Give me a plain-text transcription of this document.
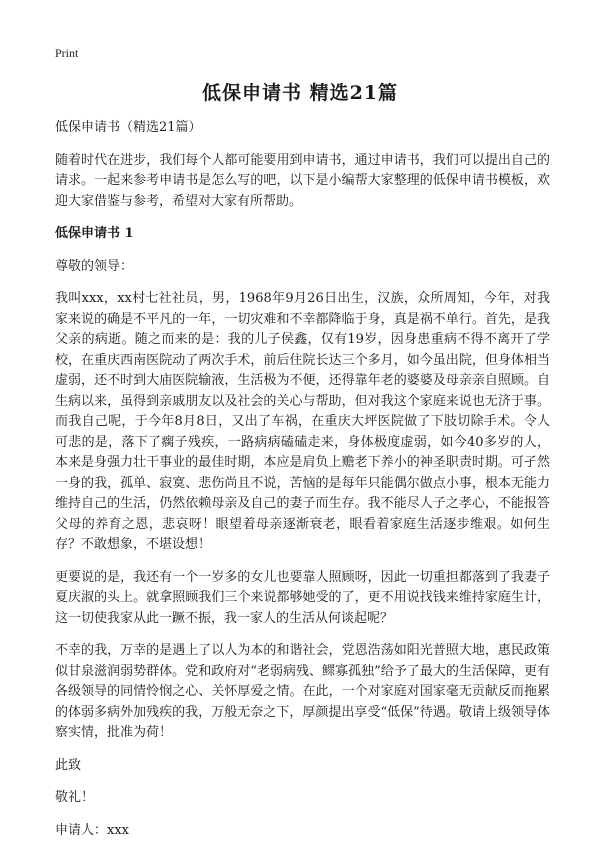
Print
低保申请书 精选21篇

低保申请书（精选21篇）

随着时代在进步，我们每个人都可能要用到申请书，通过申请书，我们可以提出自己的请求。一起来参考申请书是怎么写的吧，以下是小编帮大家整理的低保申请书模板，欢迎大家借鉴与参考，希望对大家有所帮助。

低保申请书 1

尊敬的领导：

我叫xxx，xx村七社社员，男，1968年9月26日出生，汉族，众所周知，今年，对我家来说的确是不平凡的一年，一切灾难和不幸都降临于身，真是祸不单行。首先，是我父亲的病逝。随之而来的是：我的儿子侯鑫，仅有19岁，因身患重病不得不离开了学校，在重庆西南医院动了两次手术，前后住院长达三个多月，如今虽出院，但身体相当虚弱，还不时到大庙医院输液，生活极为不便，还得靠年老的婆婆及母亲亲自照顾。自生病以来，虽得到亲戚朋友以及社会的关心与帮助，但对我这个家庭来说也无济于事。而我自己呢，于今年8月8日，又出了车祸，在重庆大坪医院做了下肢切除手术。令人可悲的是，落下了瘸子残疾，一路病病磕磕走来，身体极度虚弱，如今40多岁的人，本来是身强力壮干事业的最佳时期，本应是肩负上赡老下养小的神圣职责时期。可孑然一身的我，孤单、寂寞、悲伤尚且不说，苦恼的是每年只能偶尔做点小事，根本无能力维持自己的生活，仍然依赖母亲及自己的妻子而生存。我不能尽人子之孝心，不能报答父母的养育之恩，悲哀呀！眼望着母亲逐渐衰老，眼看着家庭生活逐步维艰。如何生存？不敢想象，不堪设想！

更要说的是，我还有一个一岁多的女儿也要靠人照顾呀，因此一切重担都落到了我妻子夏庆淑的头上。就拿照顾我们三个来说都够她受的了，更不用说找钱来维持家庭生计，这一切使我家从此一蹶不振，我一家人的生活从何谈起呢？

不幸的我，万幸的是遇上了以人为本的和谐社会，党恩浩荡如阳光普照大地，惠民政策似甘泉滋润弱势群体。党和政府对“老弱病残、鳏寡孤独”给予了最大的生活保障，更有各级领导的同情怜悯之心、关怀厚爱之情。在此，一个对家庭对国家毫无贡献反而拖累的体弱多病外加残疾的我，万般无奈之下，厚颜提出享受“低保”待遇。敬请上级领导体察实情，批准为荷！

此致

敬礼！

申请人：xxx
